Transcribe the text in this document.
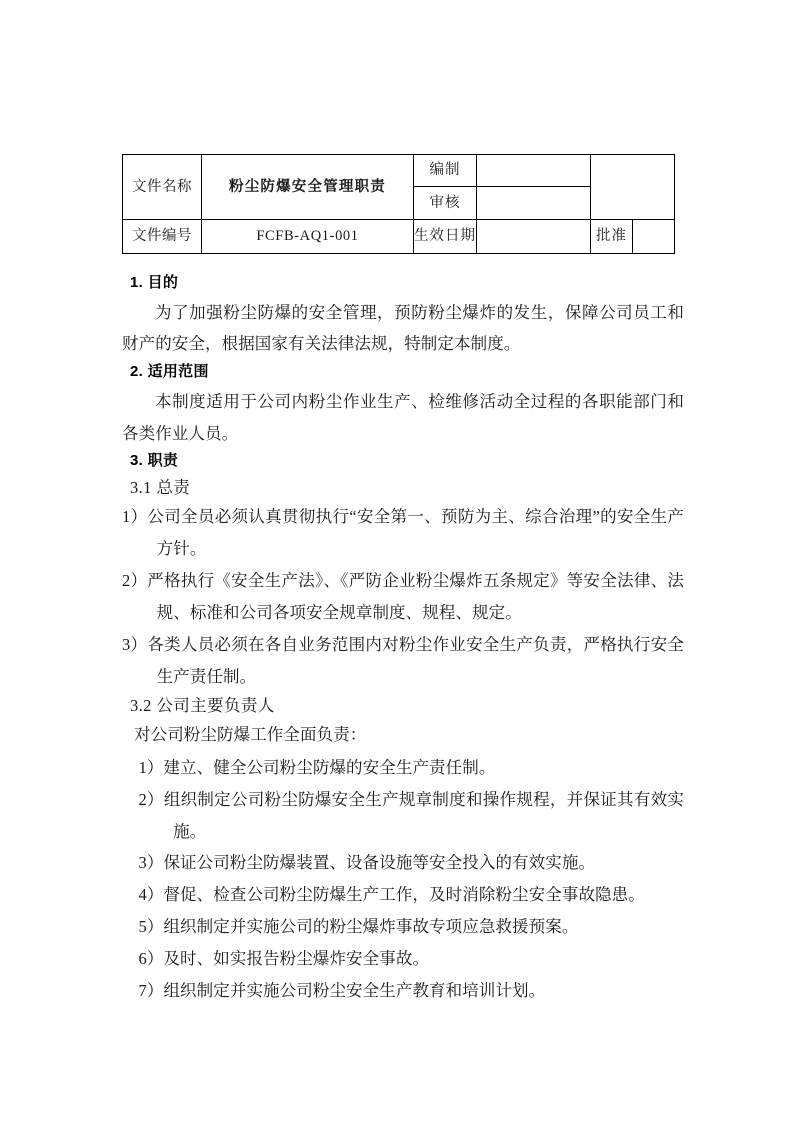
文件名称	粉尘防爆安全管理职责	编制			
		审核			
文件编号	FCFB-AQ1-001	生效日期		批准	

1. 目的

为了加强粉尘防爆的安全管理，预防粉尘爆炸的发生，保障公司员工和财产的安全，根据国家有关法律法规，特制定本制度。

2. 适用范围

本制度适用于公司内粉尘作业生产、检维修活动全过程的各职能部门和各类作业人员。

3. 职责

3.1 总责

1）公司全员必须认真贯彻执行“安全第一、预防为主、综合治理”的安全生产方针。

2）严格执行《安全生产法》、《严防企业粉尘爆炸五条规定》等安全法律、法规、标准和公司各项安全规章制度、规程、规定。

3）各类人员必须在各自业务范围内对粉尘作业安全生产负责，严格执行安全生产责任制。

3.2 公司主要负责人

对公司粉尘防爆工作全面负责：

1）建立、健全公司粉尘防爆的安全生产责任制。

2）组织制定公司粉尘防爆安全生产规章制度和操作规程，并保证其有效实施。

3）保证公司粉尘防爆装置、设备设施等安全投入的有效实施。

4）督促、检查公司粉尘防爆生产工作，及时消除粉尘安全事故隐患。

5）组织制定并实施公司的粉尘爆炸事故专项应急救援预案。

6）及时、如实报告粉尘爆炸安全事故。

7）组织制定并实施公司粉尘安全生产教育和培训计划。
